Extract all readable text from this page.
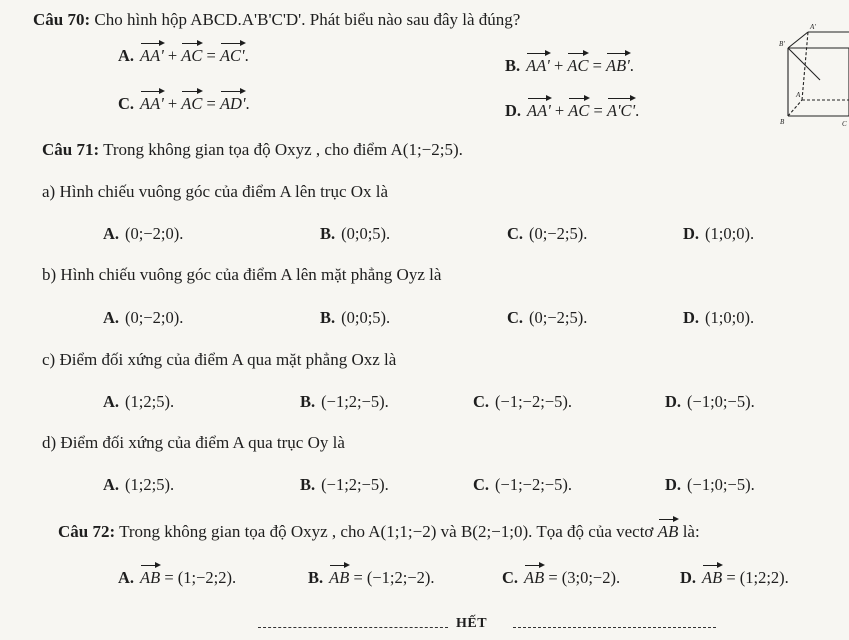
Câu 70: Cho hình hộp ABCD.A'B'C'D'. Phát biểu nào sau đây là đúng?
A. AA' + AC = AC'.
B. AA' + AC = AB'.
C. AA' + AC = AD'.	D. AA' + AC = A'C'.
A'
B'
A
B	C
Câu 71: Trong không gian tọa độ Oxyz , cho điểm A(1;−2;5).
a) Hình chiếu vuông góc của điểm A lên trục Ox là
A. (0;−2;0).	B. (0;0;5).	C. (0;−2;5).	D. (1;0;0).
b) Hình chiếu vuông góc của điểm A lên mặt phẳng Oyz là
A. (0;−2;0).	B. (0;0;5).	C. (0;−2;5).	D. (1;0;0).
c) Điểm đối xứng của điểm A qua mặt phẳng Oxz là
A. (1;2;5).	B. (−1;2;−5).	C. (−1;−2;−5).	D. (−1;0;−5).
d) Điểm đối xứng của điểm A qua trục Oy là
A. (1;2;5).	B. (−1;2;−5).	C. (−1;−2;−5).	D. (−1;0;−5).
Câu 72: Trong không gian tọa độ Oxyz , cho A(1;1;−2) và B(2;−1;0). Tọa độ của vectơ AB là:
A. AB = (1;−2;2).	B. AB = (−1;2;−2).	C. AB = (3;0;−2).	D. AB = (1;2;2).
HẾT
